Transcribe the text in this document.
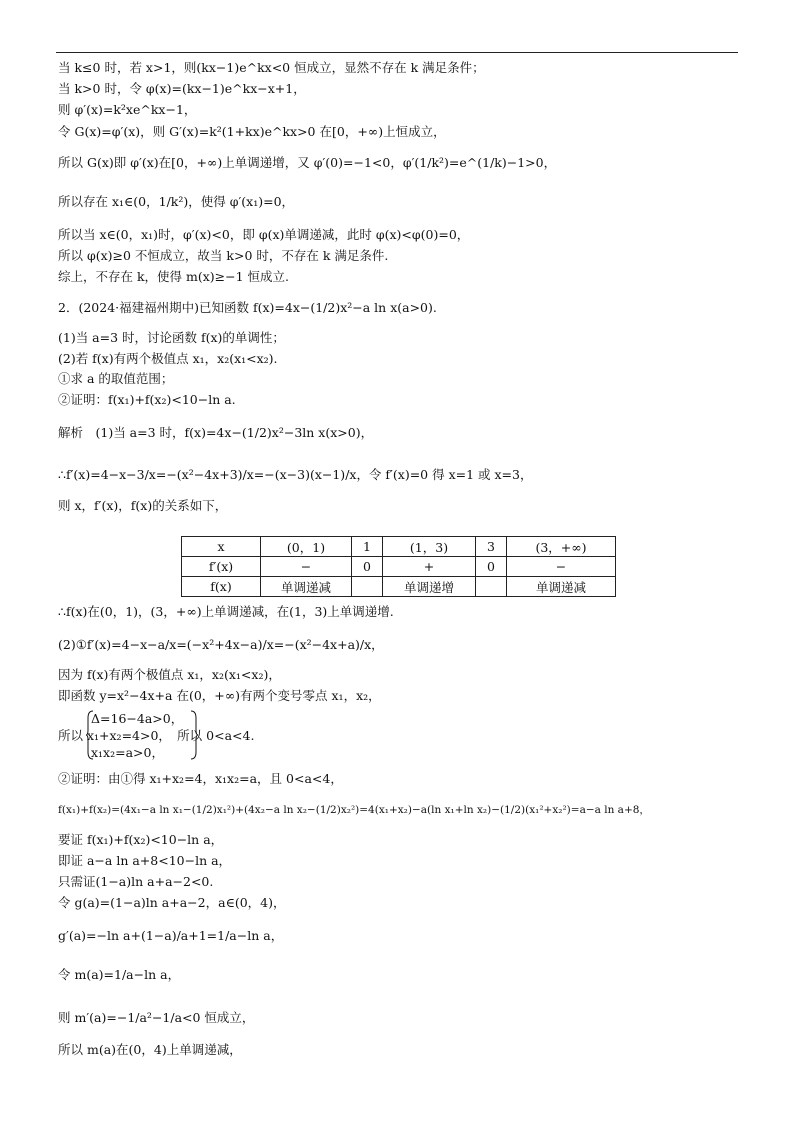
当 k≤0 时，若 x>1，则(kx−1)e^kx<0 恒成立，显然不存在 k 满足条件；
当 k>0 时，令 φ(x)=(kx−1)e^kx−x+1，
则 φ′(x)=k²xe^kx−1，
令 G(x)=φ′(x)，则 G′(x)=k²(1+kx)e^kx>0 在[0，+∞)上恒成立，
所以 G(x)即 φ′(x)在[0，+∞)上单调递增，又 φ′(0)=−1<0，φ′(1/k²)=e^(1/k)−1>0，
所以存在 x₁∈(0，1/k²)，使得 φ′(x₁)=0，
所以当 x∈(0，x₁)时，φ′(x)<0，即 φ(x)单调递减，此时 φ(x)<φ(0)=0，
所以 φ(x)≥0 不恒成立，故当 k>0 时，不存在 k 满足条件.
综上，不存在 k，使得 m(x)≥−1 恒成立.
2．(2024·福建福州期中)已知函数 f(x)=4x−(1/2)x²−a ln x(a>0).
(1)当 a=3 时，讨论函数 f(x)的单调性；
(2)若 f(x)有两个极值点 x₁，x₂(x₁<x₂).
①求 a 的取值范围；
②证明：f(x₁)+f(x₂)<10−ln a.
解析　(1)当 a=3 时，f(x)=4x−(1/2)x²−3ln x(x>0)，
∴f′(x)=4−x−3/x=−(x²−4x+3)/x=−(x−3)(x−1)/x，令 f′(x)=0 得 x=1 或 x=3，
则 x，f′(x)，f(x)的关系如下，
x	(0，1)	1	(1，3)	3	(3，+∞)
f′(x)	−	0	+	0	−
f(x)	单调递减		单调递增		单调递减
∴f(x)在(0，1)，(3，+∞)上单调递减，在(1，3)上单调递增.
(2)①f′(x)=4−x−a/x=(−x²+4x−a)/x=−(x²−4x+a)/x，
因为 f(x)有两个极值点 x₁，x₂(x₁<x₂)，
即函数 y=x²−4x+a 在(0，+∞)有两个变号零点 x₁，x₂，
Δ=16−4a>0，
所以 x₁+x₂=4>0，　所以 0<a<4.
x₁x₂=a>0，
②证明：由①得 x₁+x₂=4，x₁x₂=a，且 0<a<4，
f(x₁)+f(x₂)=(4x₁−a ln x₁−(1/2)x₁²)+(4x₂−a ln x₂−(1/2)x₂²)=4(x₁+x₂)−a(ln x₁+ln x₂)−(1/2)(x₁²+x₂²)=a−a ln a+8，
要证 f(x₁)+f(x₂)<10−ln a，
即证 a−a ln a+8<10−ln a，
只需证(1−a)ln a+a−2<0.
令 g(a)=(1−a)ln a+a−2，a∈(0，4)，
g′(a)=−ln a+(1−a)/a+1=1/a−ln a，
令 m(a)=1/a−ln a，
则 m′(a)=−1/a²−1/a<0 恒成立，
所以 m(a)在(0，4)上单调递减，
